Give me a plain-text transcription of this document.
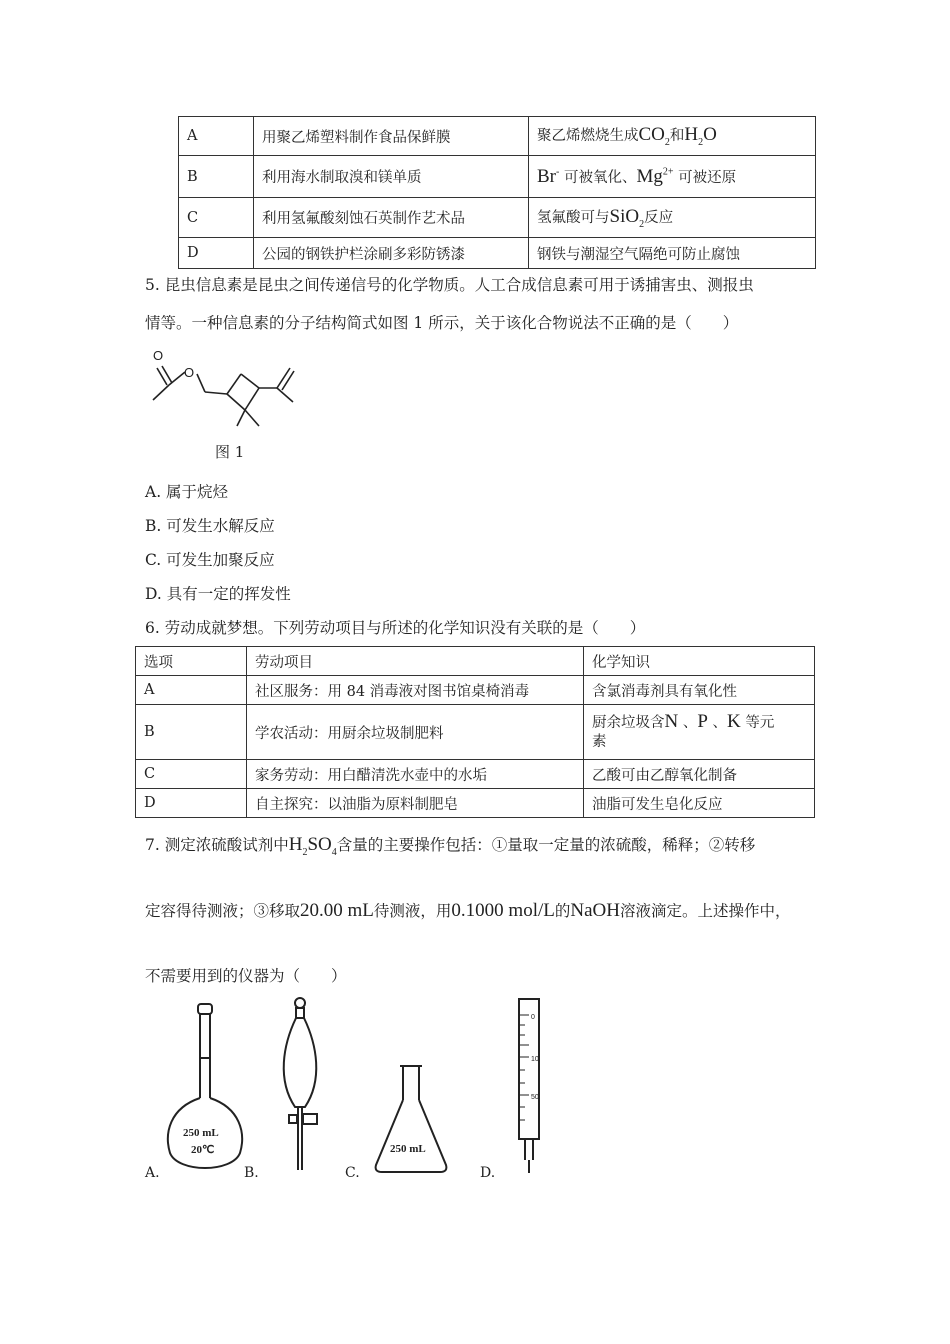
A	用聚乙烯塑料制作食品保鲜膜	聚乙烯燃烧生成$CO_2$和$H_2O$
B	利用海水制取溴和镁单质	Br- 可被氧化、$Mg^{2+}$ 可被还原
C	利用氢氟酸刻蚀石英制作艺术品	氢氟酸可与SiO$_2$反应
D	公园的钢铁护栏涂刷多彩防锈漆	钢铁与潮湿空气隔绝可防止腐蚀
5. 昆虫信息素是昆虫之间传递信号的化学物质。人工合成信息素可用于诱捕害虫、测报虫
情等。一种信息素的分子结构简式如图 1 所示，关于该化合物说法不正确的是（　　）
O
O
图 1
A. 属于烷烃
B. 可发生水解反应
C. 可发生加聚反应
D. 具有一定的挥发性
6. 劳动成就梦想。下列劳动项目与所述的化学知识没有关联的是（　　）
选项	劳动项目	化学知识
A	社区服务：用 84 消毒液对图书馆桌椅消毒	含氯消毒剂具有氧化性
B	学农活动：用厨余垃圾制肥料	厨余垃圾含N 、P 、K 等元
素
C	家务劳动：用白醋清洗水壶中的水垢	乙酸可由乙醇氧化制备
D	自主探究：以油脂为原料制肥皂	油脂可发生皂化反应
7. 测定浓硫酸试剂中$H_2SO_4$含量的主要操作包括：①量取一定量的浓硫酸，稀释；②转移
定容得待测液；③移取20.00 mL待测液，用0.1000 mol/L的NaOH溶液滴定。上述操作中，
不需要用到的仪器为（　　）
250 mL
20℃	250 mL
0
10
50
A.	B.	C.	D.
